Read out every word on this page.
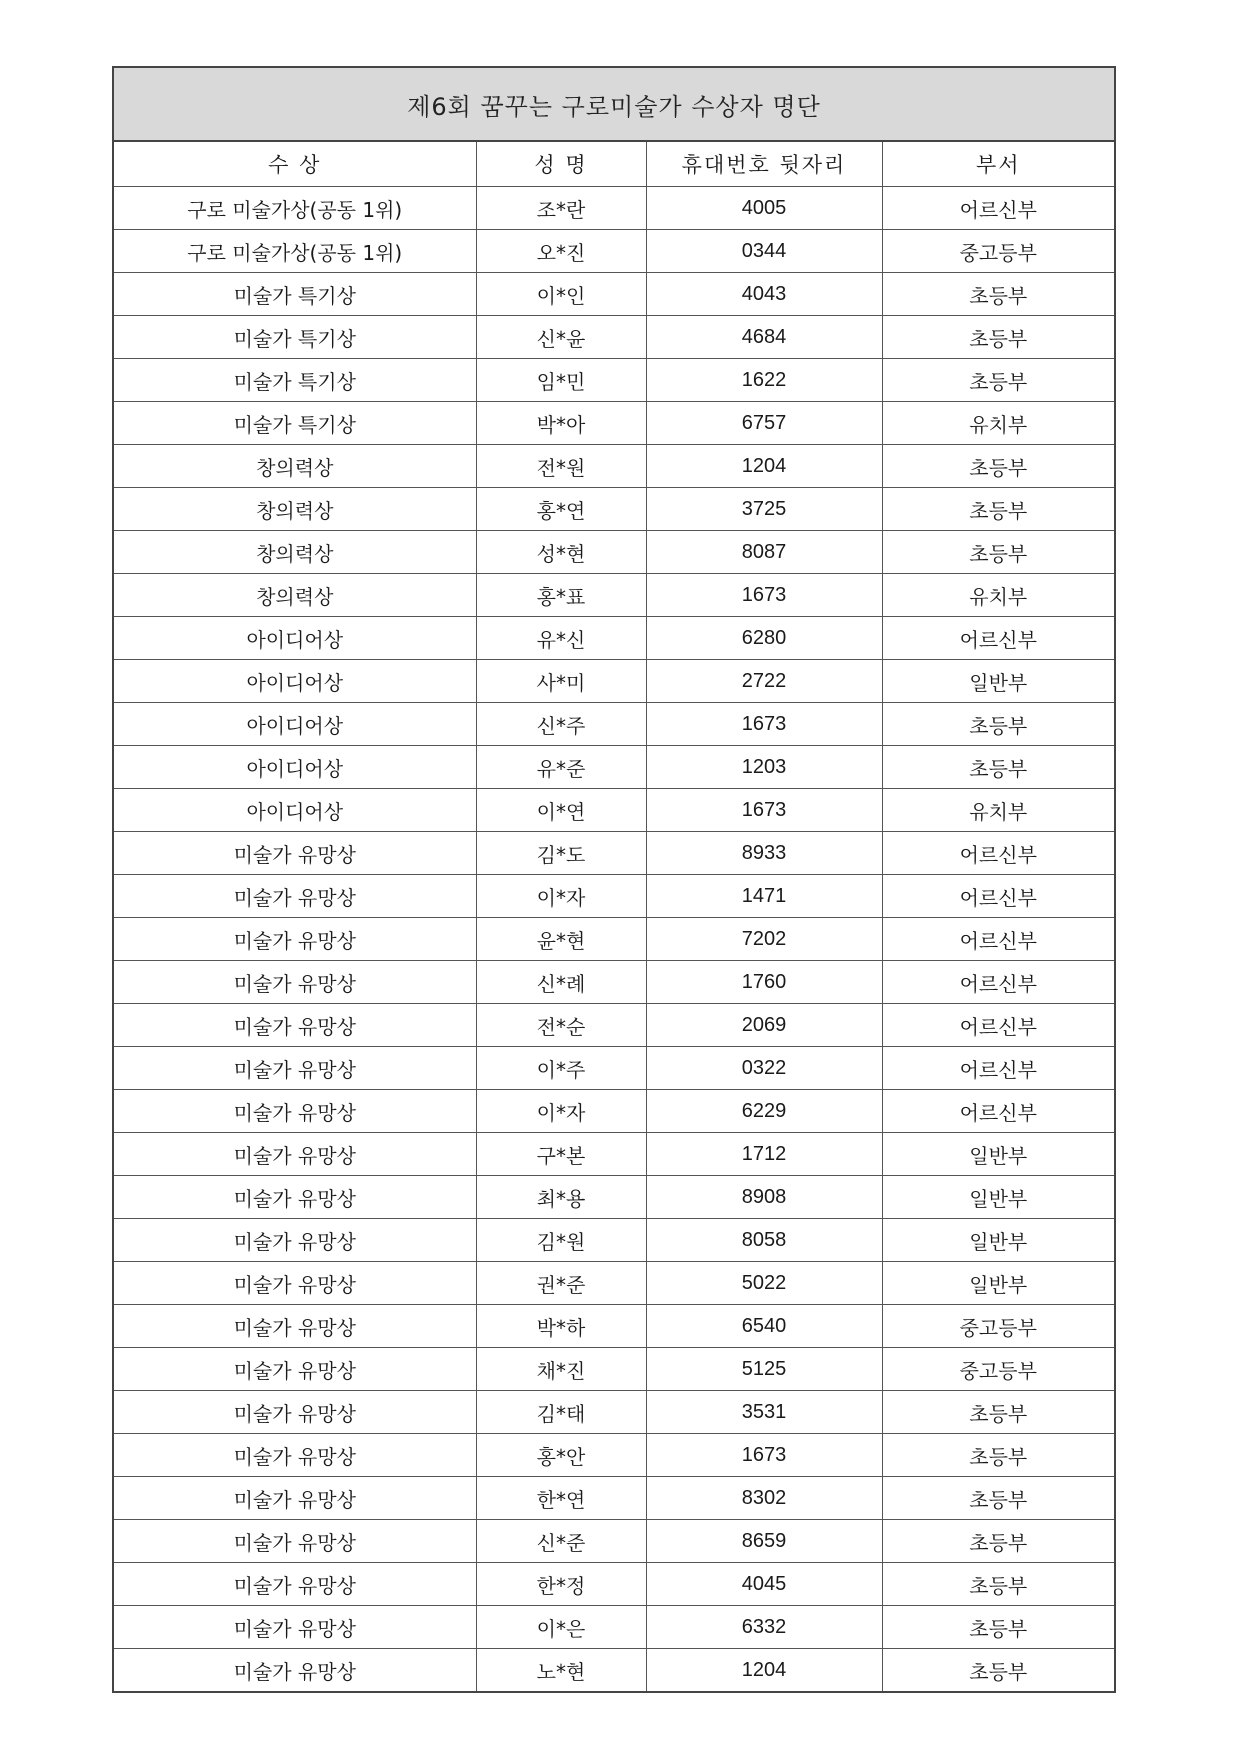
제6회 꿈꾸는 구로미술가 수상자 명단
수 상	성 명	휴대번호 뒷자리	부서
구로 미술가상(공동 1위)	조*란	4005	어르신부
구로 미술가상(공동 1위)	오*진	0344	중고등부
미술가 특기상	이*인	4043	초등부
미술가 특기상	신*윤	4684	초등부
미술가 특기상	임*민	1622	초등부
미술가 특기상	박*아	6757	유치부
창의력상	전*원	1204	초등부
창의력상	홍*연	3725	초등부
창의력상	성*현	8087	초등부
창의력상	홍*표	1673	유치부
아이디어상	유*신	6280	어르신부
아이디어상	사*미	2722	일반부
아이디어상	신*주	1673	초등부
아이디어상	유*준	1203	초등부
아이디어상	이*연	1673	유치부
미술가 유망상	김*도	8933	어르신부
미술가 유망상	이*자	1471	어르신부
미술가 유망상	윤*현	7202	어르신부
미술가 유망상	신*례	1760	어르신부
미술가 유망상	전*순	2069	어르신부
미술가 유망상	이*주	0322	어르신부
미술가 유망상	이*자	6229	어르신부
미술가 유망상	구*본	1712	일반부
미술가 유망상	최*용	8908	일반부
미술가 유망상	김*원	8058	일반부
미술가 유망상	권*준	5022	일반부
미술가 유망상	박*하	6540	중고등부
미술가 유망상	채*진	5125	중고등부
미술가 유망상	김*태	3531	초등부
미술가 유망상	홍*안	1673	초등부
미술가 유망상	한*연	8302	초등부
미술가 유망상	신*준	8659	초등부
미술가 유망상	한*정	4045	초등부
미술가 유망상	이*은	6332	초등부
미술가 유망상	노*현	1204	초등부
